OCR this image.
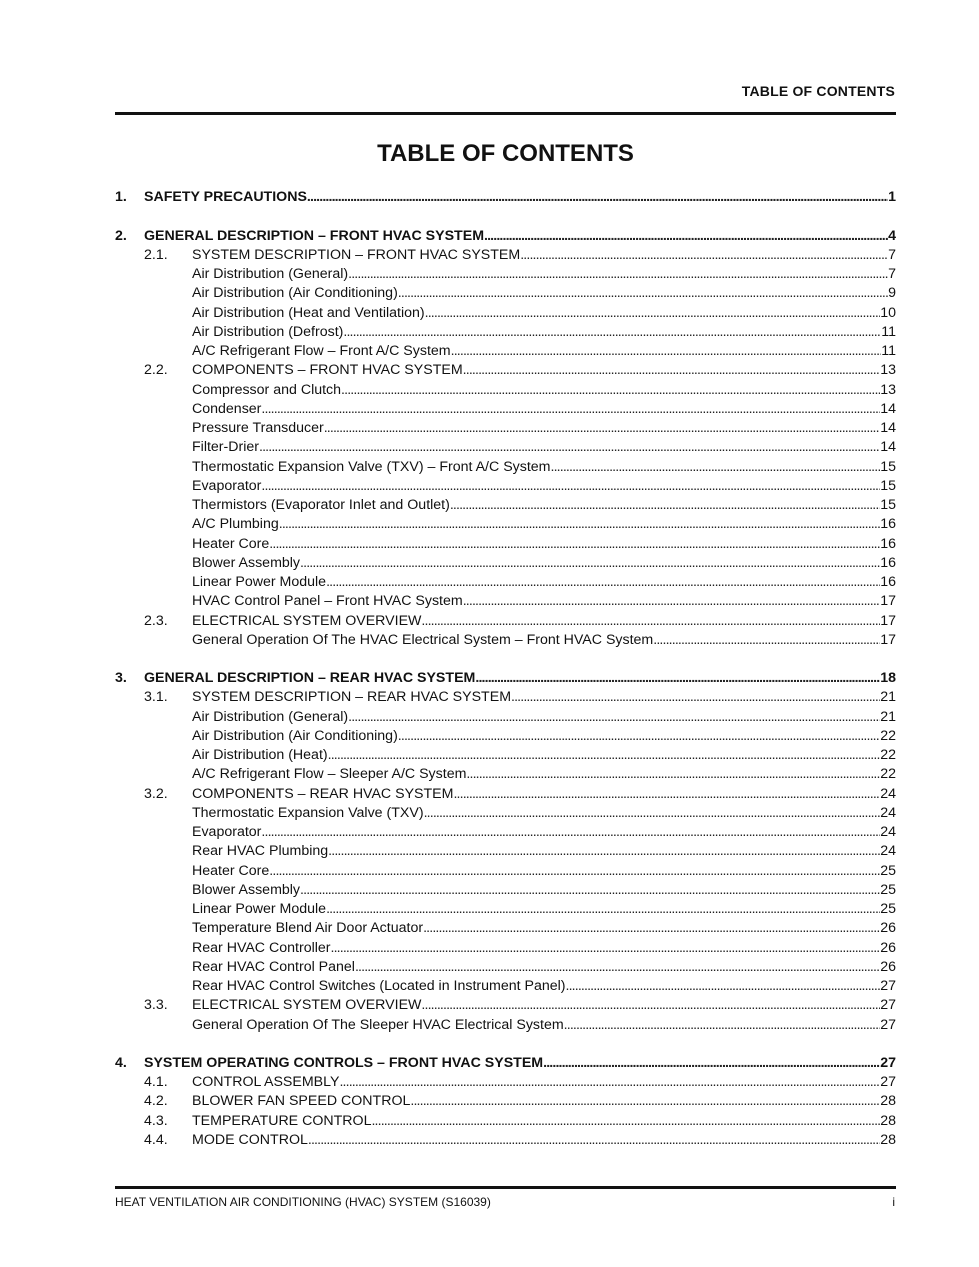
TABLE OF CONTENTS
TABLE OF CONTENTS
1.	SAFETY PRECAUTIONS . . .	1
2.	GENERAL DESCRIPTION – FRONT HVAC SYSTEM . . .	4
2.1.	SYSTEM DESCRIPTION – FRONT HVAC SYSTEM . . .	7
Air Distribution (General) . . .	7
Air Distribution (Air Conditioning) . . .	9
Air Distribution (Heat and Ventilation) . . .	10
Air Distribution (Defrost) . . .	11
A/C Refrigerant Flow – Front A/C System . . .	11
2.2.	COMPONENTS – FRONT HVAC SYSTEM . . .	13
Compressor and Clutch . . .	13
Condenser . . .	14
Pressure Transducer . . .	14
Filter-Drier . . .	14
Thermostatic Expansion Valve (TXV) – Front A/C System . . .	15
Evaporator . . .	15
Thermistors (Evaporator Inlet and Outlet) . . .	15
A/C Plumbing . . .	16
Heater Core . . .	16
Blower Assembly . . .	16
Linear Power Module . . .	16
HVAC Control Panel – Front HVAC System . . .	17
2.3.	ELECTRICAL SYSTEM OVERVIEW . . .	17
General Operation Of The HVAC Electrical System – Front HVAC System . . .	17
3.	GENERAL DESCRIPTION – REAR HVAC SYSTEM . . .	18
3.1.	SYSTEM DESCRIPTION – REAR HVAC SYSTEM . . .	21
Air Distribution (General) . . .	21
Air Distribution (Air Conditioning) . . .	22
Air Distribution (Heat) . . .	22
A/C Refrigerant Flow – Sleeper A/C System . . .	22
3.2.	COMPONENTS – REAR HVAC SYSTEM . . .	24
Thermostatic Expansion Valve (TXV) . . .	24
Evaporator . . .	24
Rear HVAC Plumbing . . .	24
Heater Core . . .	25
Blower Assembly . . .	25
Linear Power Module . . .	25
Temperature Blend Air Door Actuator . . .	26
Rear HVAC Controller . . .	26
Rear HVAC Control Panel . . .	26
Rear HVAC Control Switches (Located in Instrument Panel) . . .	27
3.3.	ELECTRICAL SYSTEM OVERVIEW . . .	27
General Operation Of The Sleeper HVAC Electrical System . . .	27
4.	SYSTEM OPERATING CONTROLS – FRONT HVAC SYSTEM . . .	27
4.1.	CONTROL ASSEMBLY . . .	27
4.2.	BLOWER FAN SPEED CONTROL . . .	28
4.3.	TEMPERATURE CONTROL . . .	28
4.4.	MODE CONTROL . . .	28
HEAT VENTILATION AIR CONDITIONING (HVAC) SYSTEM (S16039)	i
